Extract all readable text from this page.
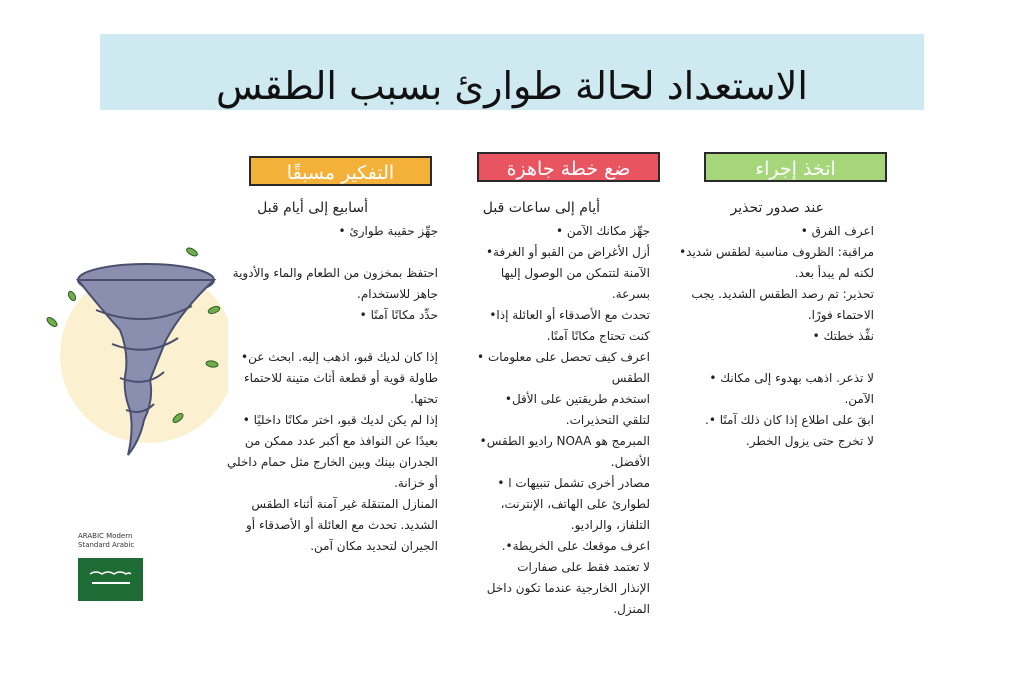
الاستعداد لحالة طوارئ بسبب الطقس
التفكير مسبقًا	ضع خطة جاهزة	اتخذ إجراء
أسابيع إلى أيام قبل
جهِّز حقيبة طوارئ •
احتفظ بمخزون من الطعام والماء والأدوية
جاهز للاستخدام.
حدِّد مكانًا آمنًا •
إذا كان لديك قبو، اذهب إليه. ابحث عن•
طاولة قوية أو قطعة أثاث متينة للاحتماء
تحتها.
إذا لم يكن لديك قبو، اختر مكانًا داخليًا •
بعيدًا عن النوافذ مع أكبر عدد ممكن من
الجدران بينك وبين الخارج مثل حمام داخلي
أو خزانة.
المنازل المتنقلة غير آمنة أثناء الطقس
الشديد. تحدث مع العائلة أو الأصدقاء أو
الجيران لتحديد مكان آمن.
أيام إلى ساعات قبل
جهِّز مكانك الآمن •
أزل الأغراض من القبو أو الغرفة•
الآمنة لتتمكن من الوصول إليها
بسرعة.
تحدث مع الأصدقاء أو العائلة إذا•
كنت تحتاج مكانًا آمنًا.
اعرف كيف تحصل على معلومات •
الطقس
استخدم طريقتين على الأقل•
لتلقي التحذيرات.
المبرمج هو NOAA راديو الطقس•
الأفضل.
مصادر أخرى تشمل تنبيهات ا •
لطوارئ على الهاتف، الإنترنت،
التلفاز، والراديو.
اعرف موقعك على الخريطة•.
لا تعتمد فقط على صفارات
الإنذار الخارجية عندما تكون داخل
المنزل.
عند صدور تحذير
اعرف الفرق •
مراقبة: الظروف مناسبة لطقس شديد•
لكنه لم يبدأ بعد.
تحذير: تم رصد الطقس الشديد. يجب
الاحتماء فورًا.
نفِّذ خطتك •
لا تذعر. اذهب بهدوء إلى مكانك •
الآمن.
ابقَ على اطلاع إذا كان ذلك آمنًا •.
لا تخرج حتى يزول الخطر.
ARABIC Modern Standard Arabic
